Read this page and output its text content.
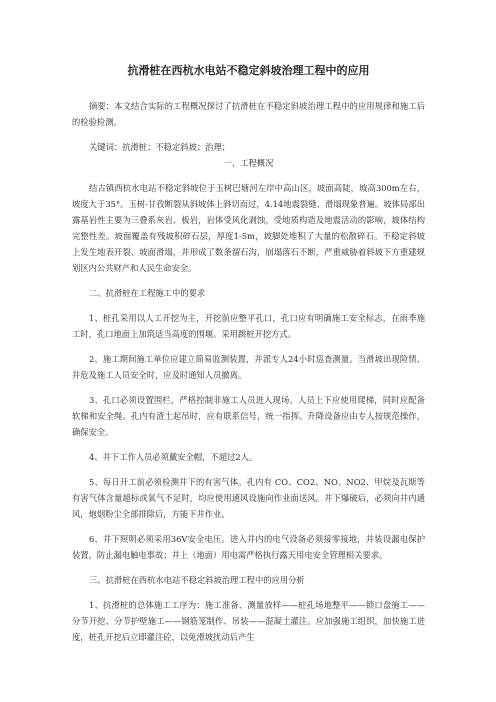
抗滑桩在西杭水电站不稳定斜坡治理工程中的应用

摘要：本文结合实际的工程概况探讨了抗滑桩在不稳定斜坡治理工程中的应用规律和施工后的检验检测。

关键词：抗滑桩；不稳定斜坡；治理；

一、工程概况

结古镇西杭水电站不稳定斜坡位于玉树巴塘河左岸中高山区，坡面高陡，坡高300m左右，坡度大于35°。玉树-甘孜断裂从斜坡体上斜切而过，4.14地震裂缝、滑塌现象普遍。坡体局部出露基岩性主要为三叠系灰岩、板岩，岩体受风化剥蚀，受地质构造及地震活动的影响，坡体结构完整性差。坡面覆盖有残坡积碎石层，厚度1-5m，坡脚处堆积了大量的松散碎石。不稳定斜坡上发生地表开裂、坡面滑塌，并形成了数条溜石沟，崩塌落石不断，严重威胁着斜坡下方重建规划区内公共财产和人民生命安全。

二、抗滑桩在工程施工中的要求

1、桩孔采用以人工开挖为主，开挖前应整平孔口，孔口应有明确施工安全标志，在雨季施工时，孔口地面上加筑适当高度的围堰。采用跳桩开挖方式。

2、施工期间施工单位应建立简易监测装置，并派专人24小时巡查测量。当滑坡出现险情、并危及施工人员安全时，应及时通知人员撤离。

3、孔口必须设置围栏，严格控制非施工人员进入现场。人员上下应使用爬梯，同时应配备软梯和安全绳。孔内有渣土起吊时，应有联系信号，统一指挥。升降设备应由专人按规范操作，确保安全。

4、井下工作人员必须戴安全帽，不超过2人。

5、每日开工前必须检测井下的有害气体。孔内有 CO、CO2、NO、NO2、甲烷及瓦斯等有害气体含量超标或氧气不足时，均应使用通风设施向作业面送风。井下爆破后，必须向井内通风，炮烟粉尘全部排除后，方能下井作业。

6、井下照明必须采用36V安全电压。进入井内的电气设备必须接零接地，并装设漏电保护装置，防止漏电触电事故；井上（地面）用电需严格执行露天用电安全管理相关要求。

三、抗滑桩在西杭水电站不稳定斜坡治理工程中的应用分析

1、抗滑桩的总体施工工序为：施工准备、测量放样——桩孔场地整平——锁口盘施工——分节开挖、分节护壁施工——钢筋笼制作、吊装——混凝土灌注。应加强施工组织，加快施工进度，桩孔开挖后立即灌注砼，以免滑坡扰动后产生
